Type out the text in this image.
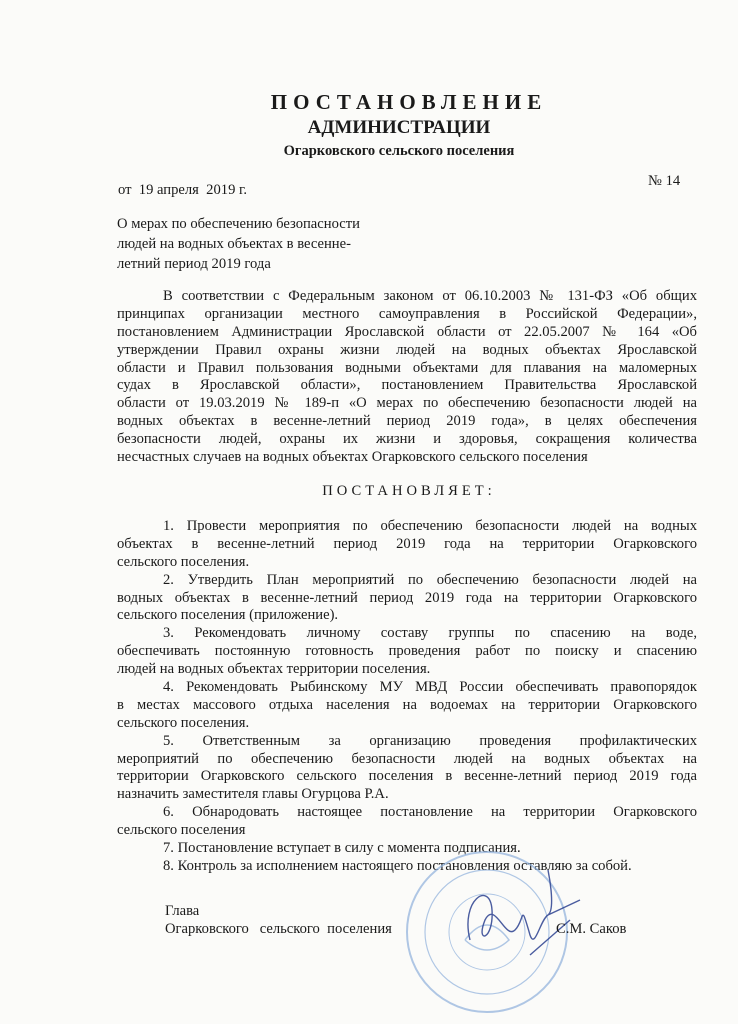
ПОСТАНОВЛЕНИЕ
АДМИНИСТРАЦИИ
Огарковского сельского поселения
от  19 апреля  2019 г.
№ 14
О мерах по обеспечению безопасности
людей на водных объектах в весенне-
летний период 2019 года
В соответствии с Федеральным законом от 06.10.2003 № 131-ФЗ «Об общих
принципах организации местного самоуправления в Российской Федерации»,
постановлением Администрации Ярославской области от 22.05.2007 № 164 «Об
утверждении Правил охраны жизни людей на водных объектах Ярославской
области и Правил пользования водными объектами для плавания на маломерных
судах в Ярославской области», постановлением Правительства Ярославской
области от 19.03.2019 № 189-п «О мерах по обеспечению безопасности людей на
водных объектах в весенне-летний период 2019 года», в целях обеспечения
безопасности людей, охраны их жизни и здоровья, сокращения количества
несчастных случаев на водных объектах Огарковского сельского поселения
ПОСТАНОВЛЯЕТ:
1. Провести мероприятия по обеспечению безопасности людей на водных
объектах в весенне-летний период 2019 года на территории Огарковского
сельского поселения.
2. Утвердить План мероприятий по обеспечению безопасности людей на
водных объектах в весенне-летний период 2019 года на территории Огарковского
сельского поселения (приложение).
3. Рекомендовать личному составу группы по спасению на воде,
обеспечивать постоянную готовность проведения работ по поиску и спасению
людей на водных объектах территории поселения.
4. Рекомендовать Рыбинскому МУ МВД России обеспечивать правопорядок
в местах массового отдыха населения на водоемах на территории Огарковского
сельского поселения.
5. Ответственным за организацию проведения профилактических
мероприятий по обеспечению безопасности людей на водных объектах на
территории Огарковского сельского поселения в весенне-летний период 2019 года
назначить заместителя главы Огурцова Р.А.
6. Обнародовать настоящее постановление на территории Огарковского
сельского поселения
7. Постановление вступает в силу с момента подписания.
8. Контроль за исполнением настоящего постановления оставляю за собой.
Глава
Огарковского   сельского  поселения	С.М. Саков
